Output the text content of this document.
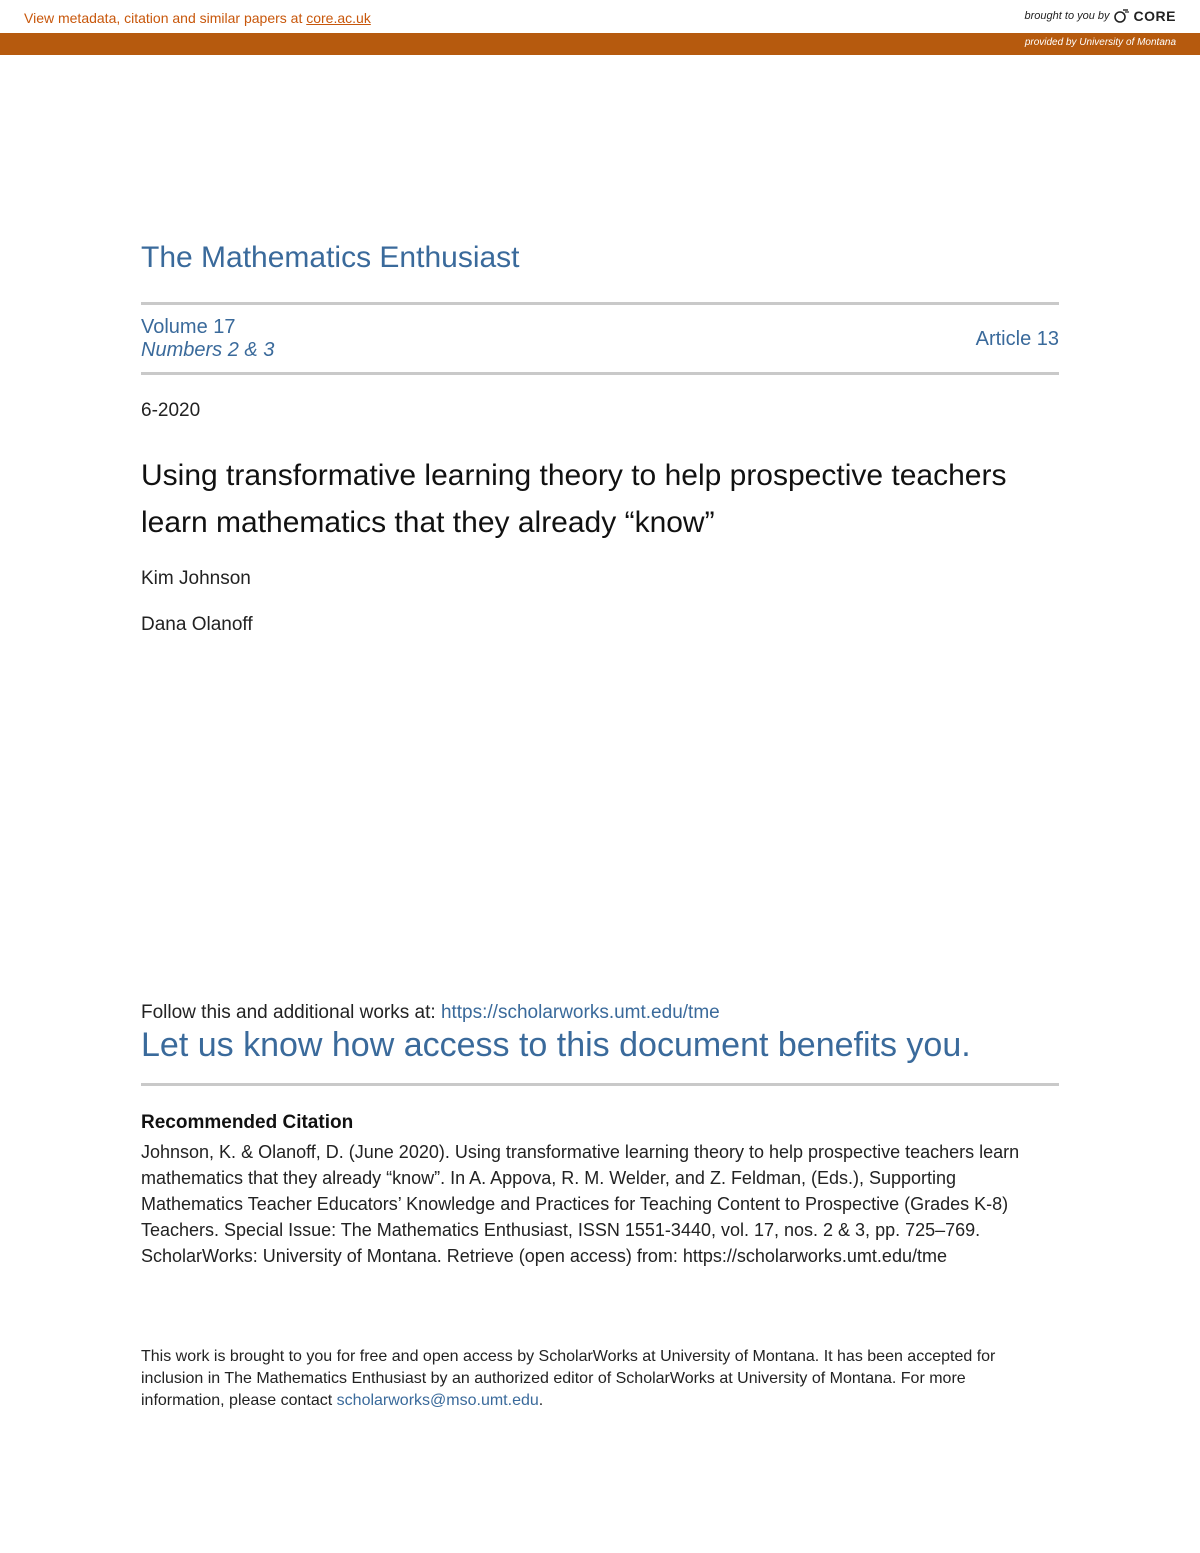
View metadata, citation and similar papers at core.ac.uk	brought to you by CORE
provided by University of Montana
The Mathematics Enthusiast
Volume 17
Numbers 2 & 3	Article 13
6-2020
Using transformative learning theory to help prospective teachers learn mathematics that they already “know”
Kim Johnson
Dana Olanoff
Follow this and additional works at: https://scholarworks.umt.edu/tme
Let us know how access to this document benefits you.
Recommended Citation
Johnson, K. & Olanoff, D. (June 2020). Using transformative learning theory to help prospective teachers learn mathematics that they already “know”. In A. Appova, R. M. Welder, and Z. Feldman, (Eds.), Supporting Mathematics Teacher Educators’ Knowledge and Practices for Teaching Content to Prospective (Grades K-8) Teachers. Special Issue: The Mathematics Enthusiast, ISSN 1551-3440, vol. 17, nos. 2 & 3, pp. 725–769. ScholarWorks: University of Montana. Retrieve (open access) from: https://scholarworks.umt.edu/tme
This work is brought to you for free and open access by ScholarWorks at University of Montana. It has been accepted for inclusion in The Mathematics Enthusiast by an authorized editor of ScholarWorks at University of Montana. For more information, please contact scholarworks@mso.umt.edu.
